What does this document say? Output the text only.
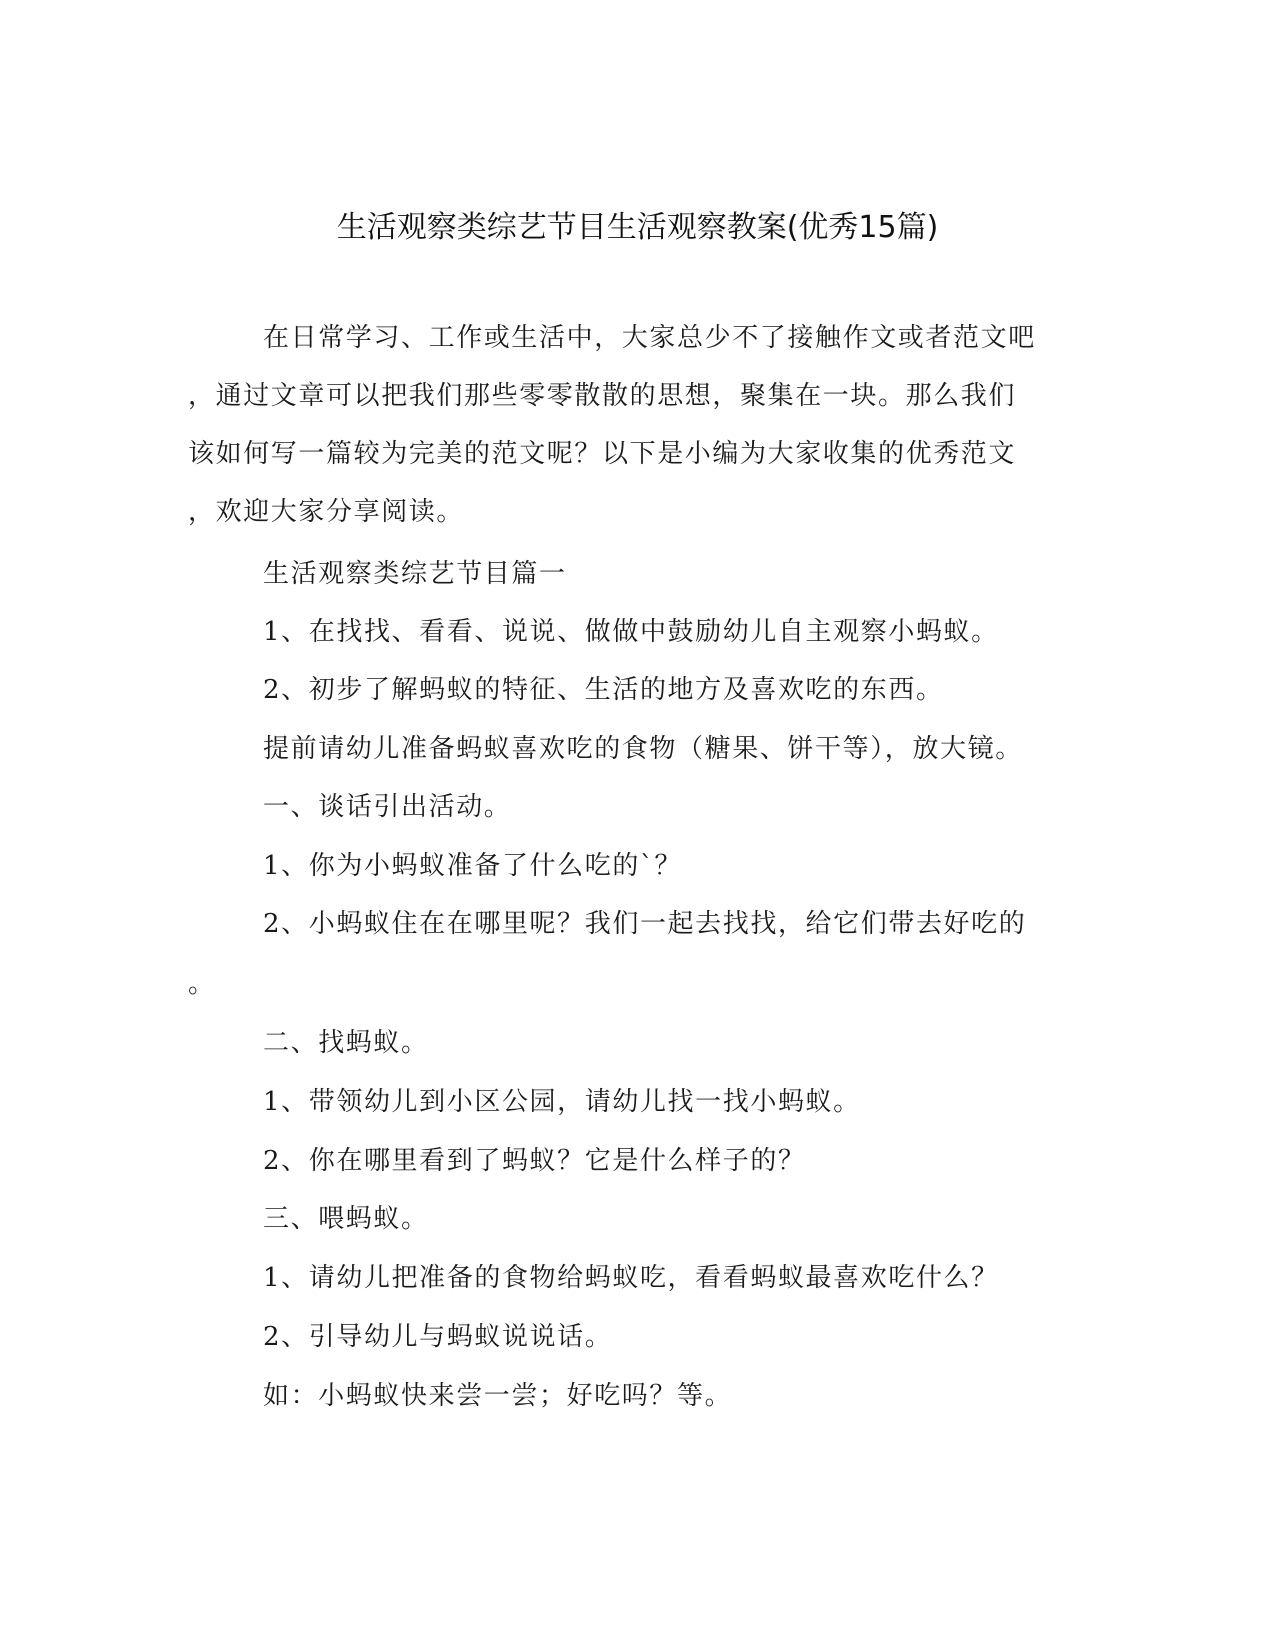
生活观察类综艺节目生活观察教案(优秀15篇)
在日常学习、工作或生活中，大家总少不了接触作文或者范文吧
，通过文章可以把我们那些零零散散的思想，聚集在一块。那么我们
该如何写一篇较为完美的范文呢？以下是小编为大家收集的优秀范文
，欢迎大家分享阅读。
生活观察类综艺节目篇一
1、在找找、看看、说说、做做中鼓励幼儿自主观察小蚂蚁。
2、初步了解蚂蚁的特征、生活的地方及喜欢吃的东西。
提前请幼儿准备蚂蚁喜欢吃的食物（糖果、饼干等），放大镜。
一、谈话引出活动。
1、你为小蚂蚁准备了什么吃的`？
2、小蚂蚁住在在哪里呢？我们一起去找找，给它们带去好吃的
。
二、找蚂蚁。
1、带领幼儿到小区公园，请幼儿找一找小蚂蚁。
2、你在哪里看到了蚂蚁？它是什么样子的？
三、喂蚂蚁。
1、请幼儿把准备的食物给蚂蚁吃，看看蚂蚁最喜欢吃什么？
2、引导幼儿与蚂蚁说说话。
如：小蚂蚁快来尝一尝；好吃吗？等。
